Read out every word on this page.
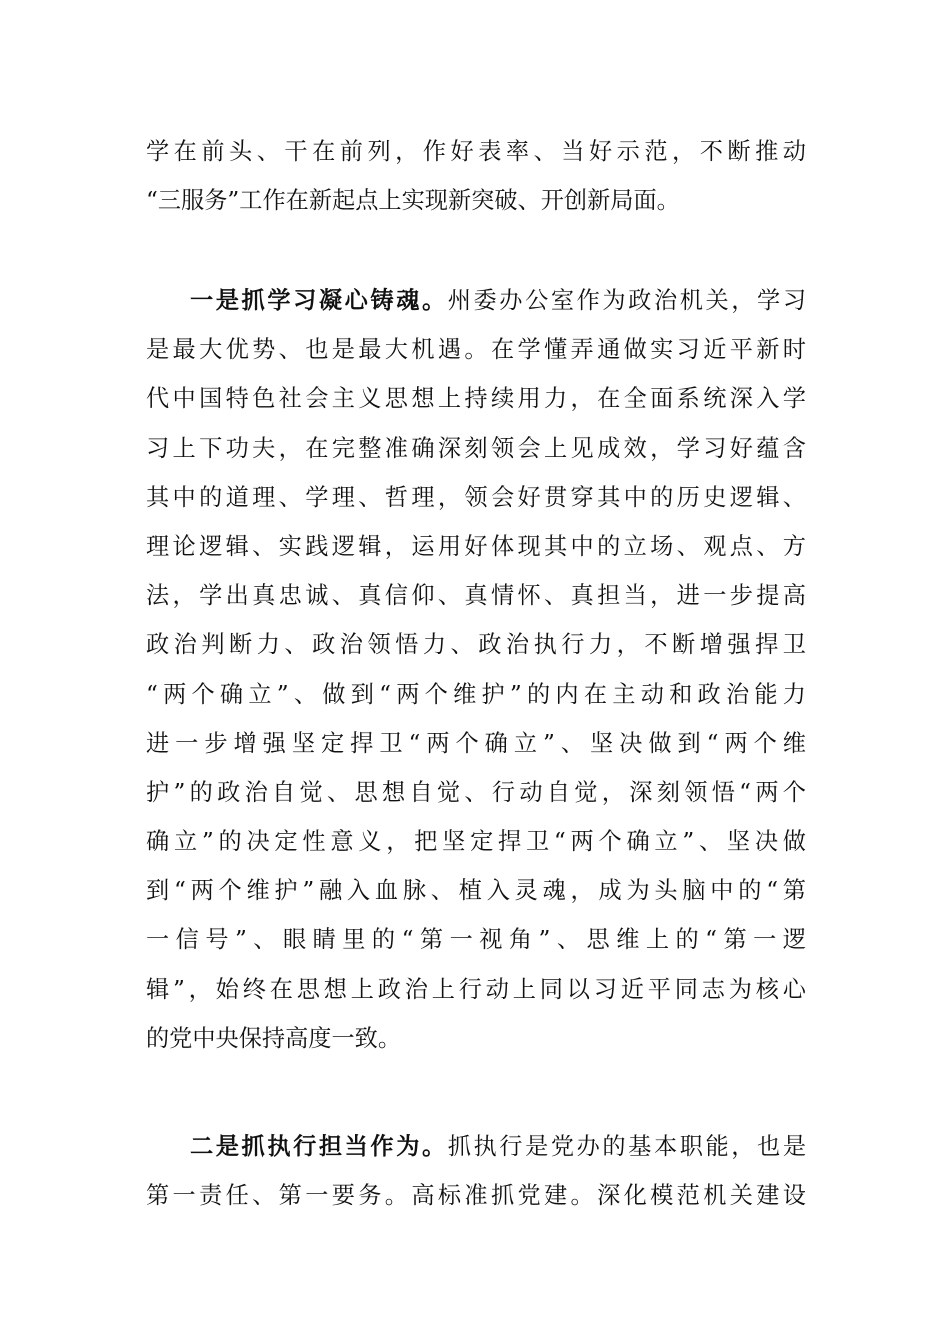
学在前头、干在前列，作好表率、当好示范，不断推动
“三服务”工作在新起点上实现新突破、开创新局面。
一是抓学习凝心铸魂。州委办公室作为政治机关，学习
是最大优势、也是最大机遇。在学懂弄通做实习近平新时
代中国特色社会主义思想上持续用力，在全面系统深入学
习上下功夫，在完整准确深刻领会上见成效，学习好蕴含
其中的道理、学理、哲理，领会好贯穿其中的历史逻辑、
理论逻辑、实践逻辑，运用好体现其中的立场、观点、方
法，学出真忠诚、真信仰、真情怀、真担当，进一步提高
政治判断力、政治领悟力、政治执行力，不断增强捍卫
“两个确立”、做到“两个维护”的内在主动和政治能力
进一步增强坚定捍卫“两个确立”、坚决做到“两个维
护”的政治自觉、思想自觉、行动自觉，深刻领悟“两个
确立”的决定性意义，把坚定捍卫“两个确立”、坚决做
到“两个维护”融入血脉、植入灵魂，成为头脑中的“第
一信号”、眼睛里的“第一视角”、思维上的“第一逻
辑”，始终在思想上政治上行动上同以习近平同志为核心
的党中央保持高度一致。
二是抓执行担当作为。抓执行是党办的基本职能，也是
第一责任、第一要务。高标准抓党建。深化模范机关建设
